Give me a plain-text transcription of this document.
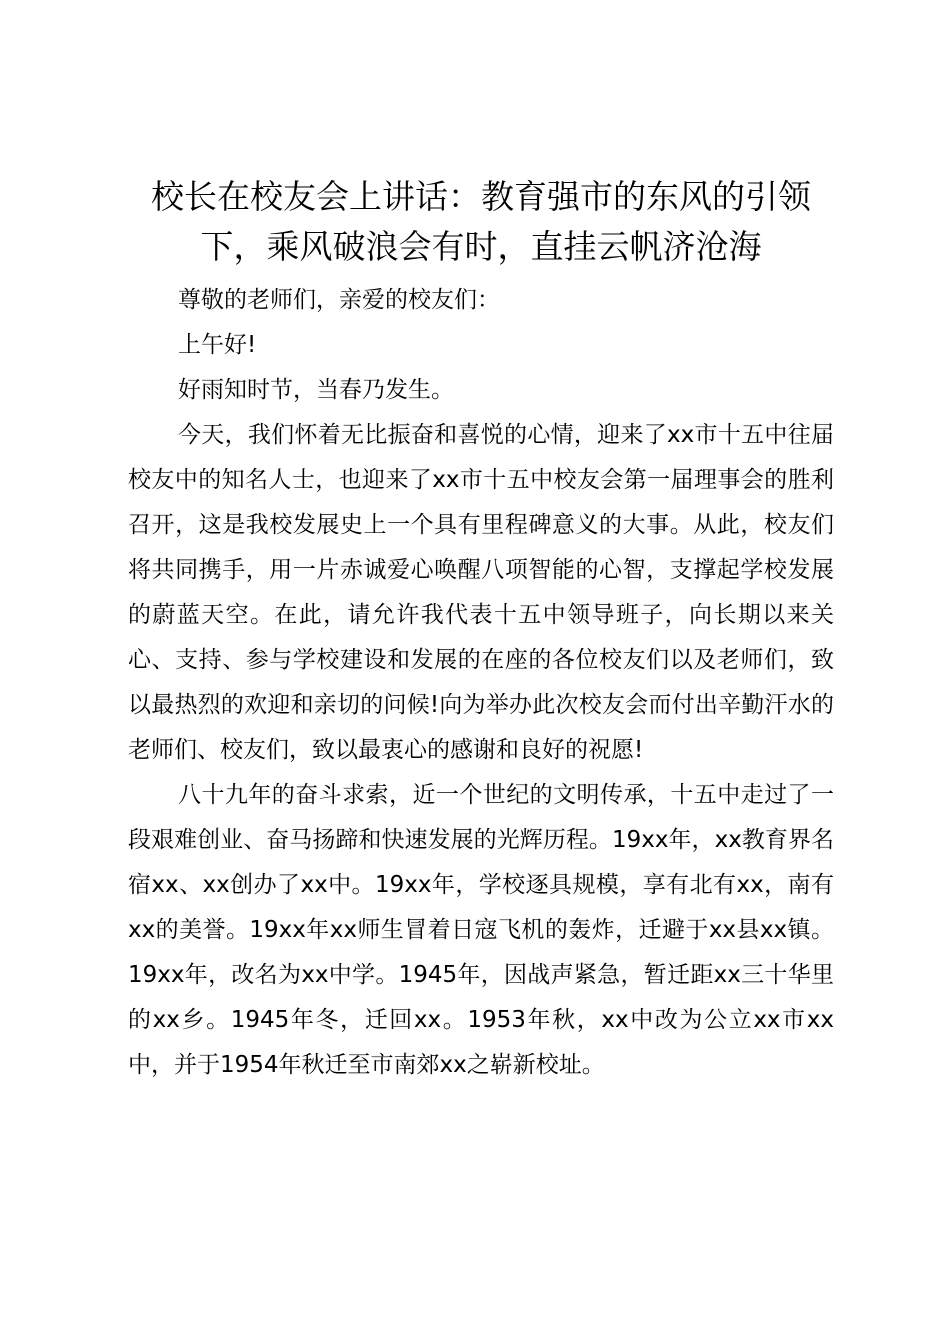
校长在校友会上讲话：教育强市的东风的引领下，乘风破浪会有时，直挂云帆济沧海

尊敬的老师们，亲爱的校友们：

上午好!

好雨知时节，当春乃发生。

今天，我们怀着无比振奋和喜悦的心情，迎来了xx市十五中往届校友中的知名人士，也迎来了xx市十五中校友会第一届理事会的胜利召开，这是我校发展史上一个具有里程碑意义的大事。从此，校友们将共同携手，用一片赤诚爱心唤醒八项智能的心智，支撑起学校发展的蔚蓝天空。在此，请允许我代表十五中领导班子，向长期以来关心、支持、参与学校建设和发展的在座的各位校友们以及老师们，致以最热烈的欢迎和亲切的问候!向为举办此次校友会而付出辛勤汗水的老师们、校友们，致以最衷心的感谢和良好的祝愿!

八十九年的奋斗求索，近一个世纪的文明传承，十五中走过了一段艰难创业、奋马扬蹄和快速发展的光辉历程。19xx年，xx教育界名宿xx、xx创办了xx中。19xx年，学校逐具规模，享有北有xx，南有xx的美誉。19xx年xx师生冒着日寇飞机的轰炸，迁避于xx县xx镇。19xx年，改名为xx中学。1945年，因战声紧急，暂迁距xx三十华里的xx乡。1945年冬，迁回xx。1953年秋，xx中改为公立xx市xx中，并于1954年秋迁至市南郊xx之崭新校址。
